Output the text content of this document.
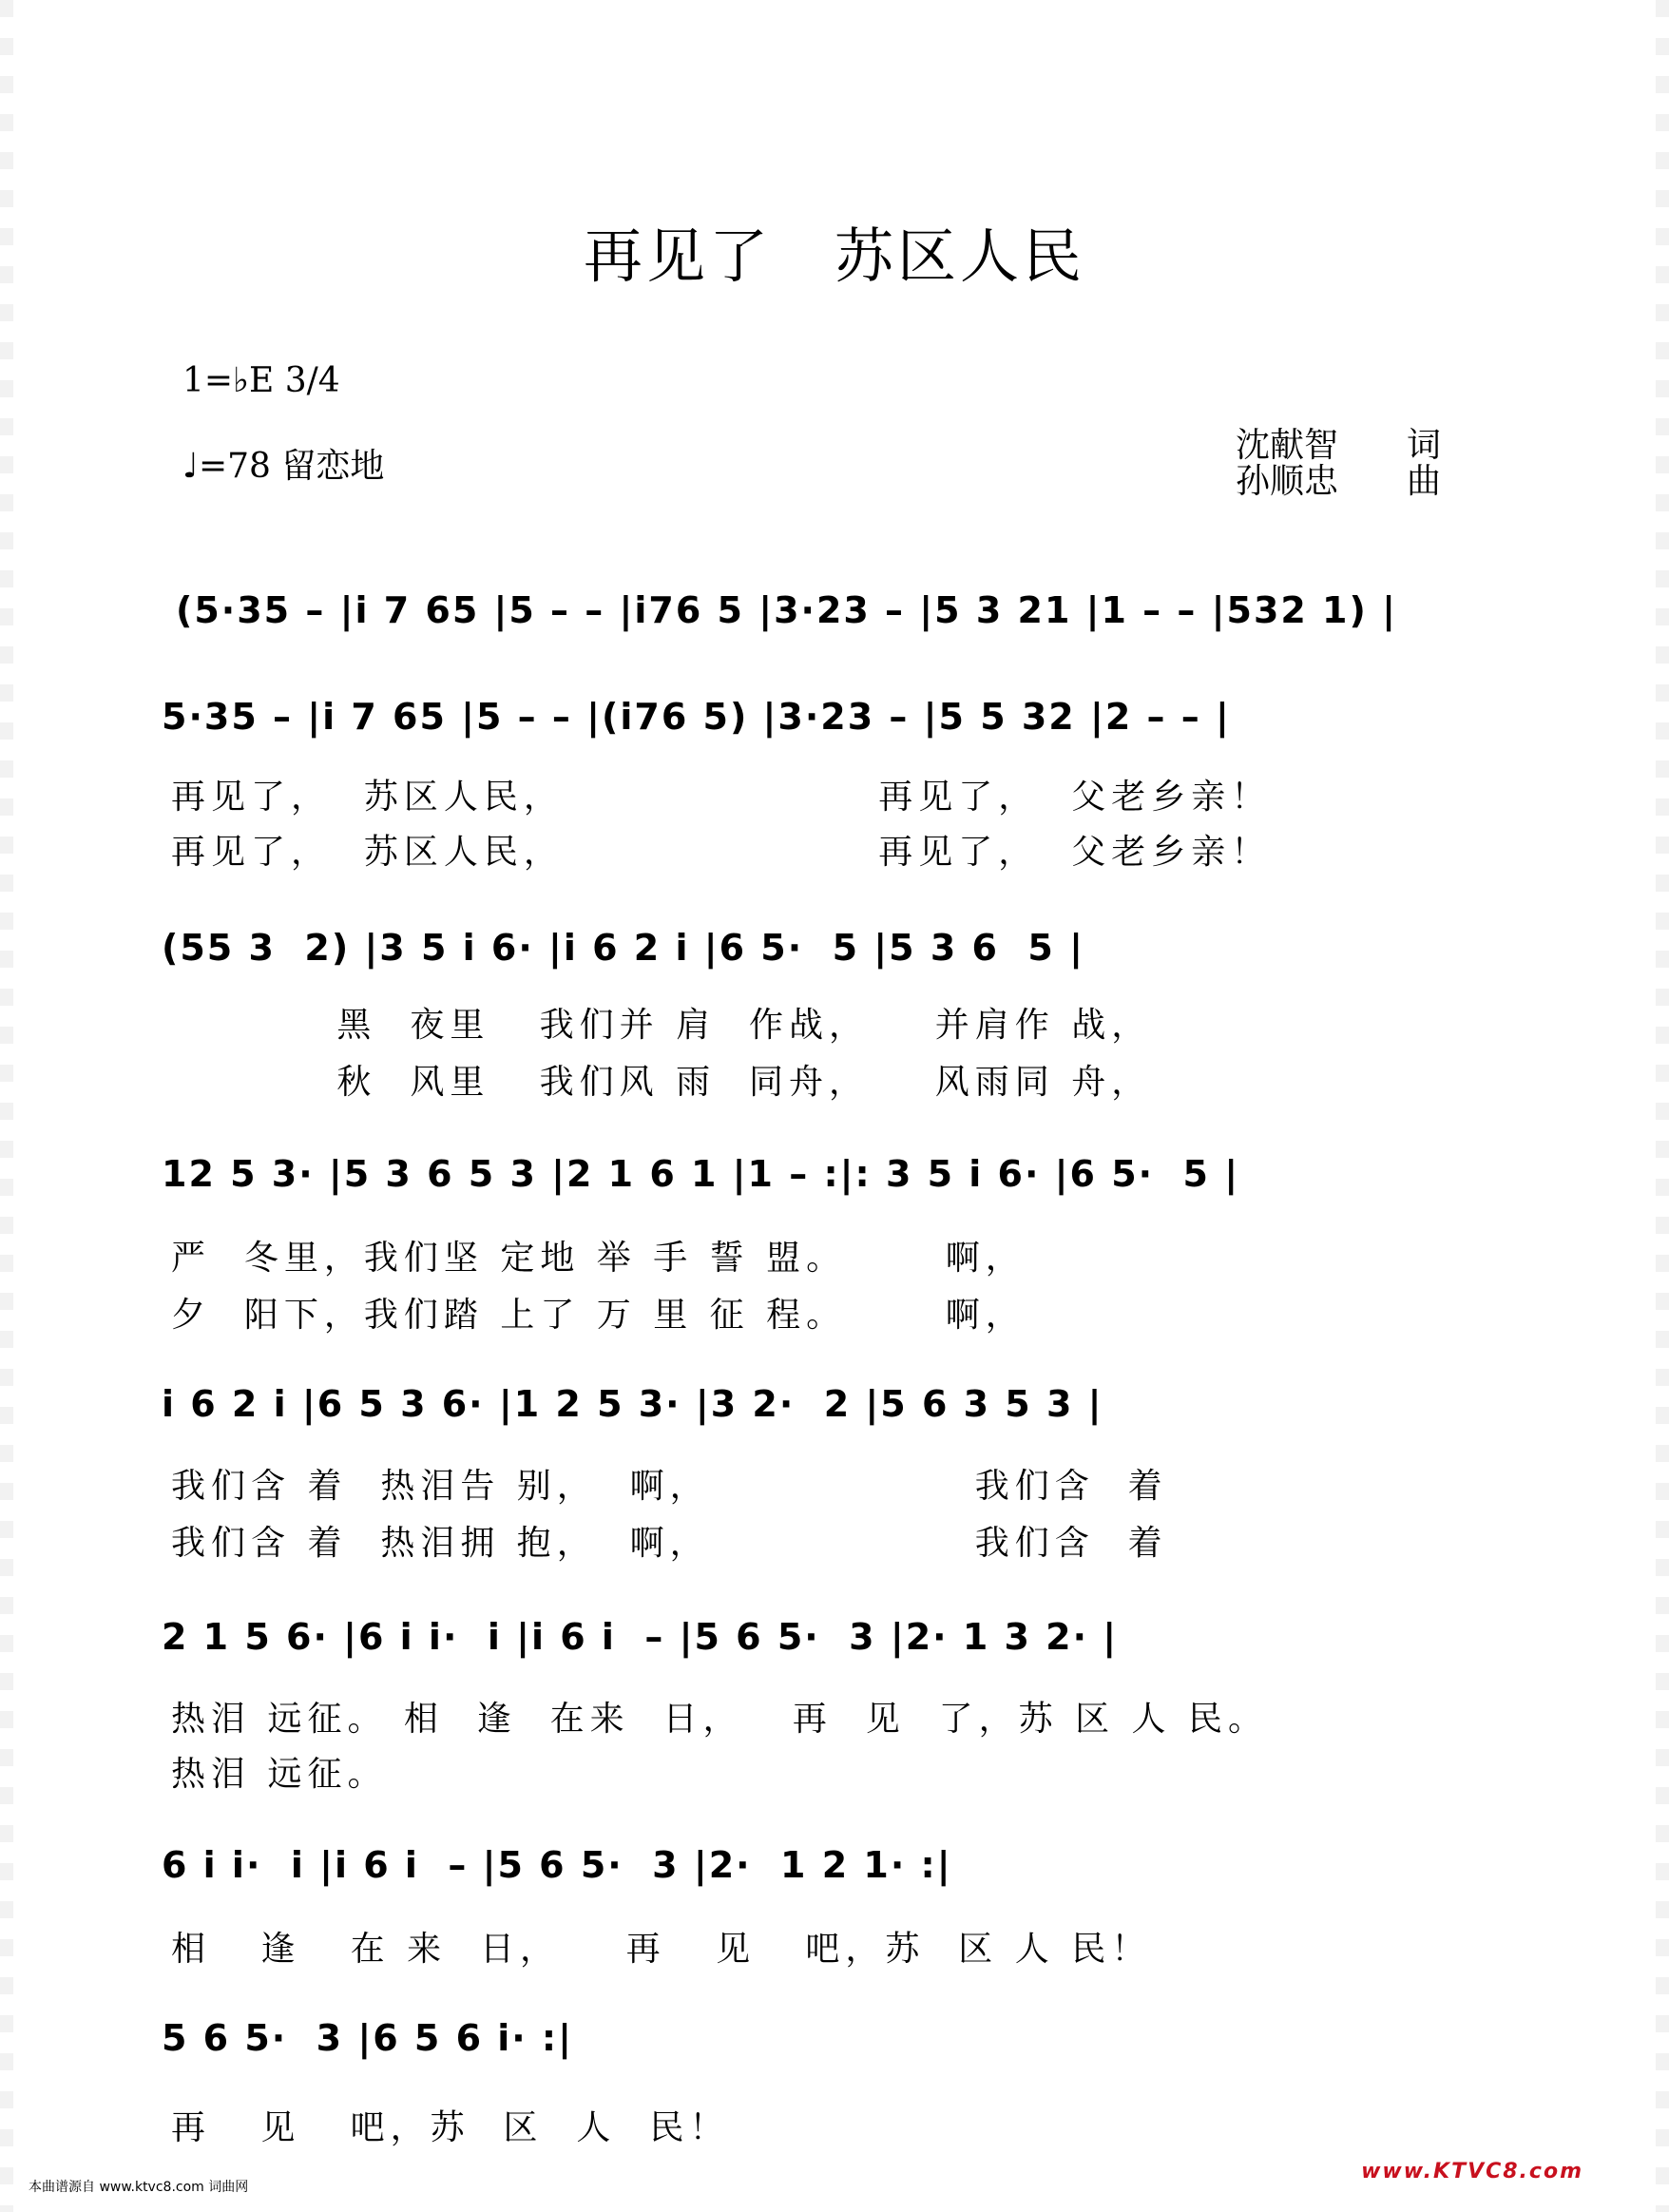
再见了　苏区人民
1=♭E 3/4
♩=78 留恋地
沈献智　　词
孙顺忠　　曲
(5·35 – |i 7 65 |5 – – |i76 5 |3·23 – |5 3 21 |1 – – |532 1) |
5·35 – |i 7 65 |5 – – |(i76 5) |3·23 – |5 5 32 |2 – – |
再见了，  苏区人民，                   再见了，  父老乡亲！
再见了，  苏区人民，                   再见了，  父老乡亲！
(55 3  2) |3 5 i 6· |i 6 2 i |6 5·  5 |5 3 6  5 |
黑  夜里   我们并 肩  作战，    并肩作 战，
秋  风里   我们风 雨  同舟，    风雨同 舟，
12 5 3· |5 3 6 5 3 |2 1 6 1 |1 – :|: 3 5 i 6· |6 5·  5 |
严  冬里，我们坚 定地 举 手 誓 盟。      啊，
夕  阳下，我们踏 上了 万 里 征 程。      啊，
i 6 2 i |6 5 3 6· |1 2 5 3· |3 2·  2 |5 6 3 5 3 |
我们含 着  热泪告 别，  啊，                我们含  着
我们含 着  热泪拥 抱，  啊，                我们含  着
2 1 5 6· |6 i i·  i |i 6 i  – |5 6 5·  3 |2· 1 3 2· |
热泪 远征。 相  逢  在来  日，   再  见  了，苏 区 人 民。
热泪 远征。
6 i i·  i |i 6 i  – |5 6 5·  3 |2·  1 2 1· :|
相   逢   在 来  日，    再   见   吧，苏  区 人 民！
5 6 5·  3 |6 5 6 i· :|
再   见   吧，苏  区  人  民！
本曲谱源自 www.ktvc8.com 词曲网
www.KTVC8.com
